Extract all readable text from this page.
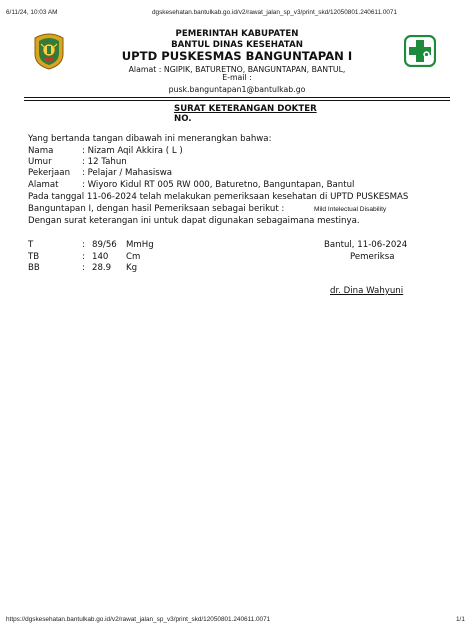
6/11/24, 10:03 AM	dgskesehatan.bantulkab.go.id/v2/rawat_jalan_sp_v3/print_skd/12050801.240611.0071
PEMERINTAH KABUPATEN
BANTUL DINAS KESEHATAN
UPTD PUSKESMAS BANGUNTAPAN I
Alamat : NGIPIK, BATURETNO, BANGUNTAPAN, BANTUL,
E-mail :
pusk.banguntapan1@bantulkab.go
SURAT KETERANGAN DOKTER
NO.
Yang bertanda tangan dibawah ini menerangkan bahwa:
Nama	: Nizam Aqil Akkira ( L )
Umur	: 12 Tahun
Pekerjaan : Pelajar / Mahasiswa
Alamat	: Wiyoro Kidul RT 005 RW 000, Baturetno, Banguntapan, Bantul
Pada tanggal 11-06-2024 telah melakukan pemeriksaan kesehatan di UPTD PUSKESMAS
Banguntapan I, dengan hasil Pemeriksaan sebagai berikut :	Mild Intelectual Disability
Dengan surat keterangan ini untuk dapat digunakan sebagaimana mestinya.
T	: 89/56 MmHg
TB	: 140 Cm
BB	: 28.9 Kg
Bantul, 11-06-2024
Pemeriksa
dr. Dina Wahyuni
https://dgskesehatan.bantulkab.go.id/v2/rawat_jalan_sp_v3/print_skd/12050801.240611.0071	1/1
